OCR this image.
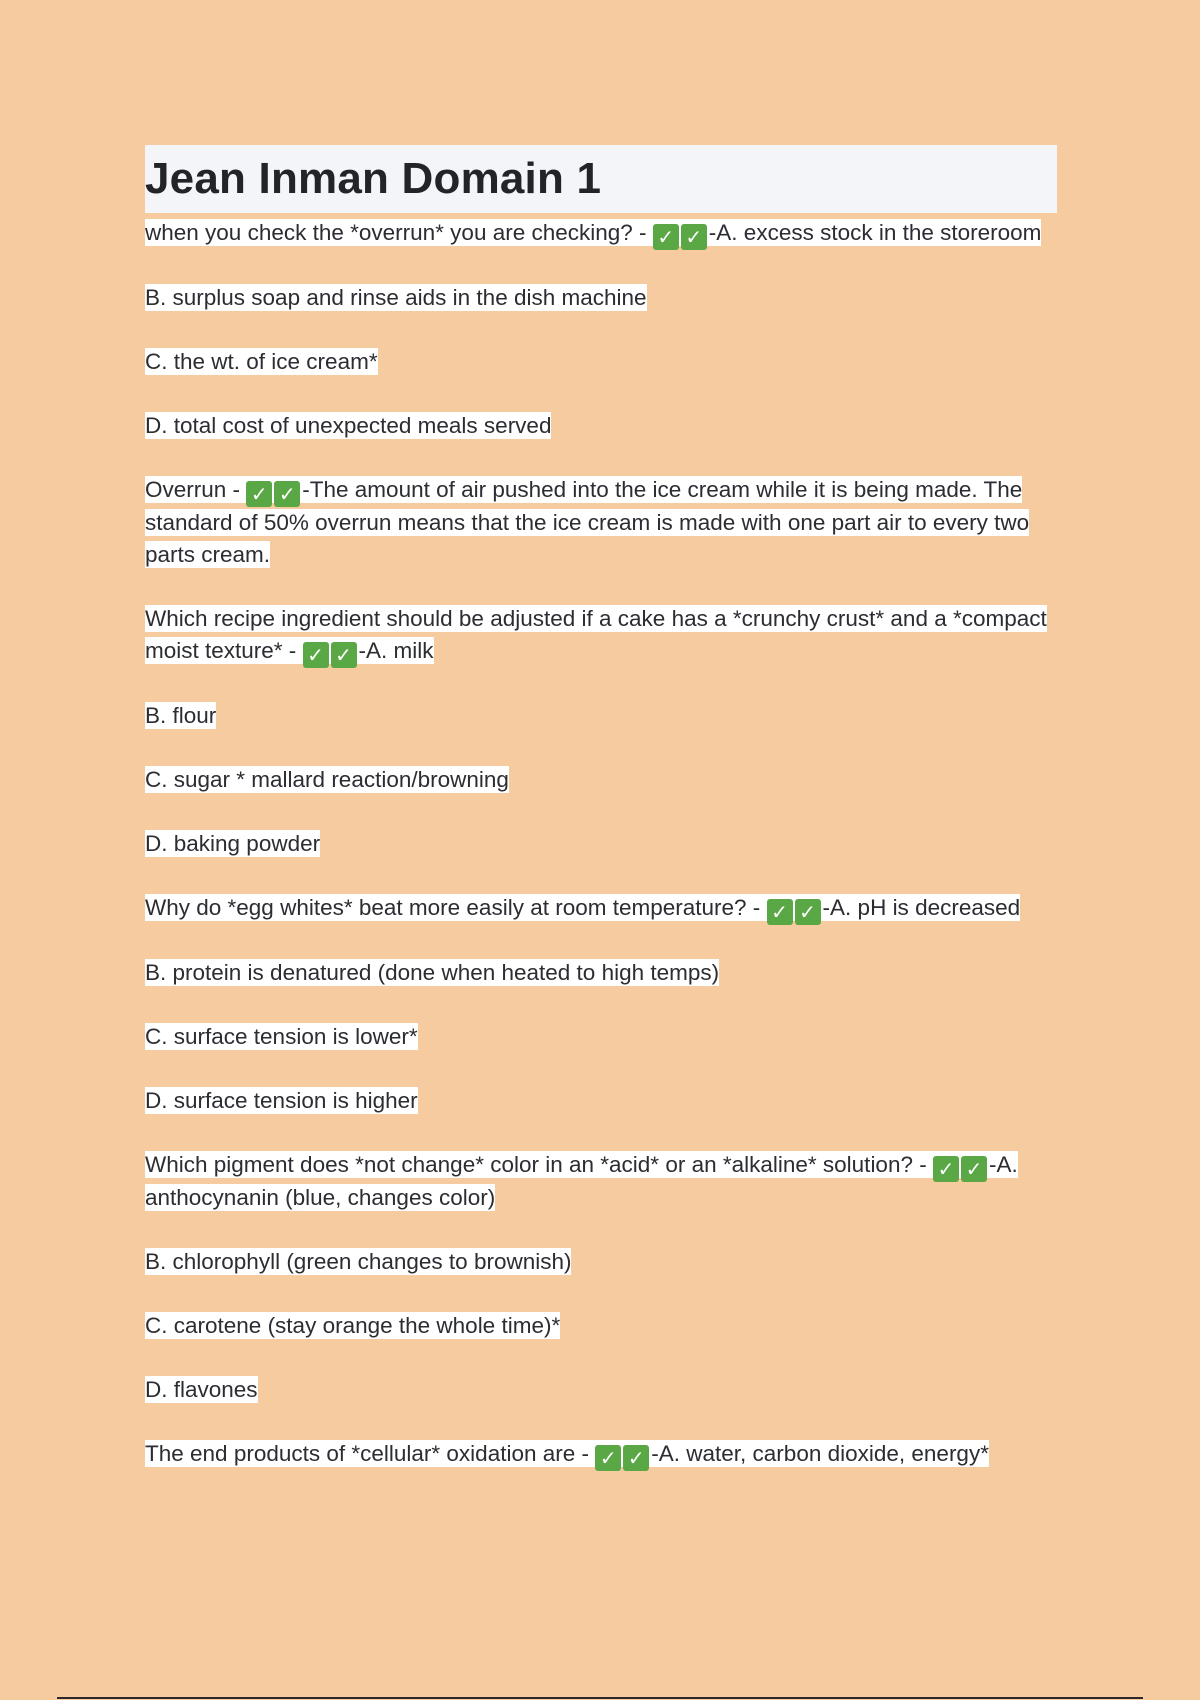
Jean Inman Domain 1

when you check the *overrun* you are checking? - ✓ ✓ -A. excess stock in the storeroom

B. surplus soap and rinse aids in the dish machine

C. the wt. of ice cream*

D. total cost of unexpected meals served

Overrun - ✓ ✓ -The amount of air pushed into the ice cream while it is being made. The standard of 50% overrun means that the ice cream is made with one part air to every two parts cream.

Which recipe ingredient should be adjusted if a cake has a *crunchy crust* and a *compact moist texture* - ✓ ✓ -A. milk

B. flour

C. sugar * mallard reaction/browning

D. baking powder

Why do *egg whites* beat more easily at room temperature? - ✓ ✓ -A. pH is decreased

B. protein is denatured (done when heated to high temps)

C. surface tension is lower*

D. surface tension is higher

Which pigment does *not change* color in an *acid* or an *alkaline* solution? - ✓ ✓ -A. anthocynanin (blue, changes color)

B. chlorophyll (green changes to brownish)

C. carotene (stay orange the whole time)*

D. flavones

The end products of *cellular* oxidation are - ✓ ✓ -A. water, carbon dioxide, energy*
